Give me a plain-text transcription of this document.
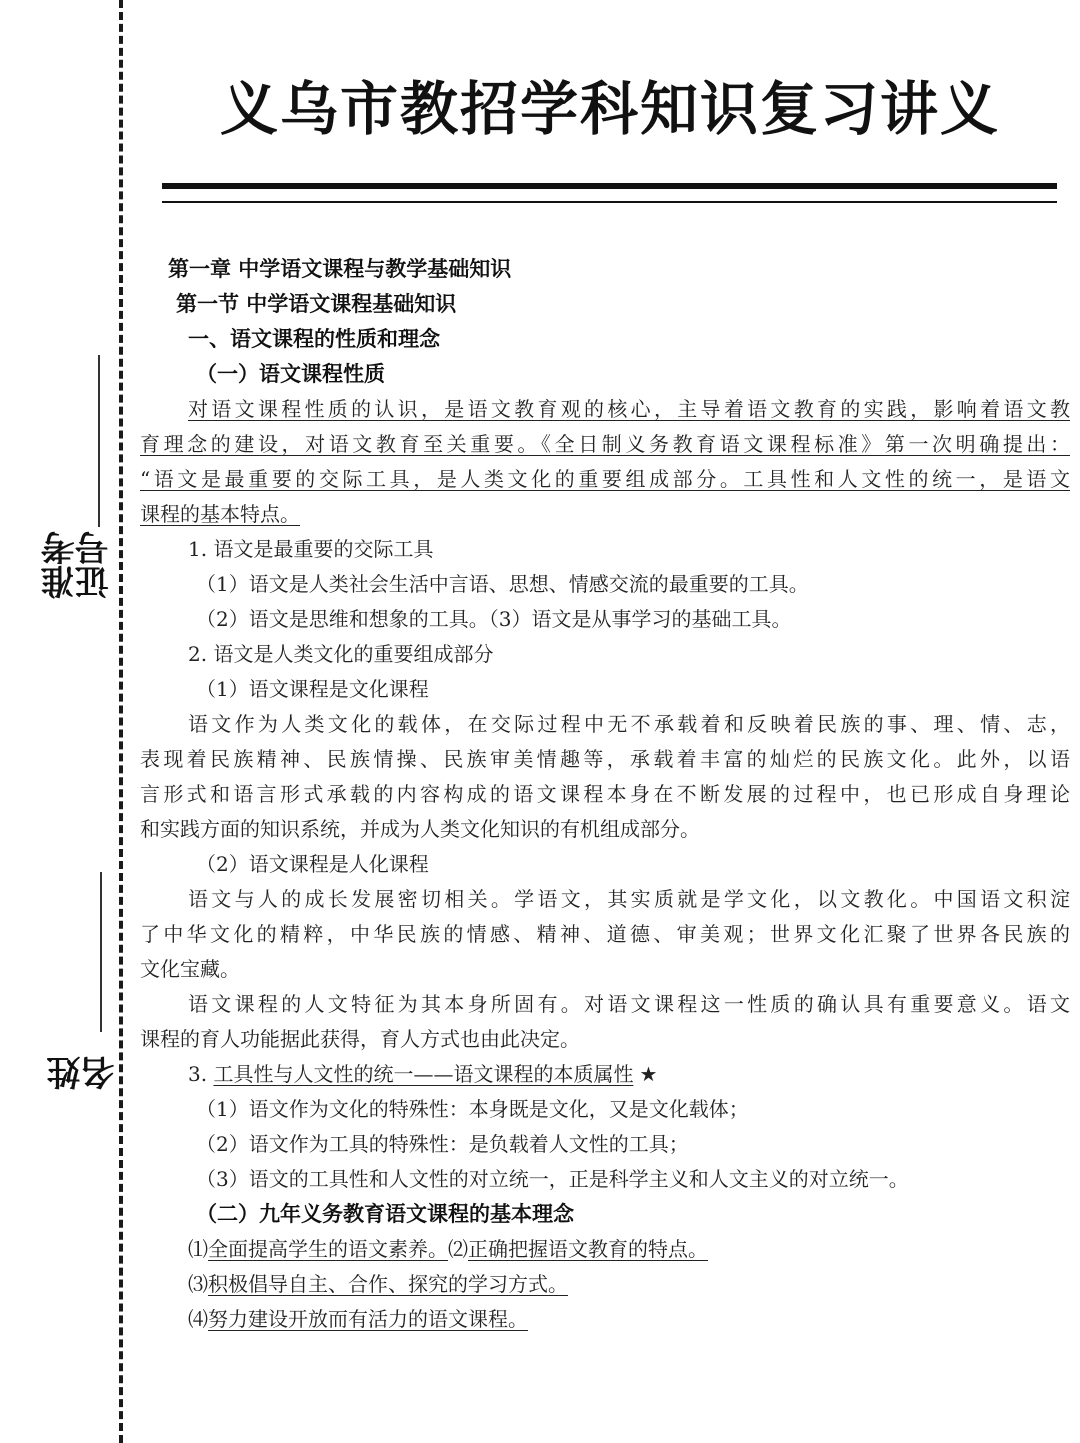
准考证号
姓名
义乌市教招学科知识复习讲义
第一章 中学语文课程与教学基础知识
第一节 中学语文课程基础知识
一、语文课程的性质和理念
（一）语文课程性质
对语文课程性质的认识，是语文教育观的核心，主导着语文教育的实践，影响着语文教
育理念的建设，对语文教育至关重要。《全日制义务教育语文课程标准》第一次明确提出：
“语文是最重要的交际工具，是人类文化的重要组成部分。工具性和人文性的统一，是语文
课程的基本特点。
1. 语文是最重要的交际工具
（1）语文是人类社会生活中言语、思想、情感交流的最重要的工具。
（2）语文是思维和想象的工具。（3）语文是从事学习的基础工具。
2. 语文是人类文化的重要组成部分
（1）语文课程是文化课程
语文作为人类文化的载体，在交际过程中无不承载着和反映着民族的事、理、情、志，
表现着民族精神、民族情操、民族审美情趣等，承载着丰富的灿烂的民族文化。此外，以语
言形式和语言形式承载的内容构成的语文课程本身在不断发展的过程中，也已形成自身理论
和实践方面的知识系统，并成为人类文化知识的有机组成部分。
（2）语文课程是人化课程
语文与人的成长发展密切相关。学语文，其实质就是学文化，以文教化。中国语文积淀
了中华文化的精粹，中华民族的情感、精神、道德、审美观；世界文化汇聚了世界各民族的
文化宝藏。
语文课程的人文特征为其本身所固有。对语文课程这一性质的确认具有重要意义。语文
课程的育人功能据此获得，育人方式也由此决定。
3. 工具性与人文性的统一——语文课程的本质属性 ★
（1）语文作为文化的特殊性：本身既是文化，又是文化载体；
（2）语文作为工具的特殊性：是负载着人文性的工具；
（3）语文的工具性和人文性的对立统一，正是科学主义和人文主义的对立统一。
（二）九年义务教育语文课程的基本理念
⑴全面提高学生的语文素养。⑵正确把握语文教育的特点。
⑶积极倡导自主、合作、探究的学习方式。
⑷努力建设开放而有活力的语文课程。
